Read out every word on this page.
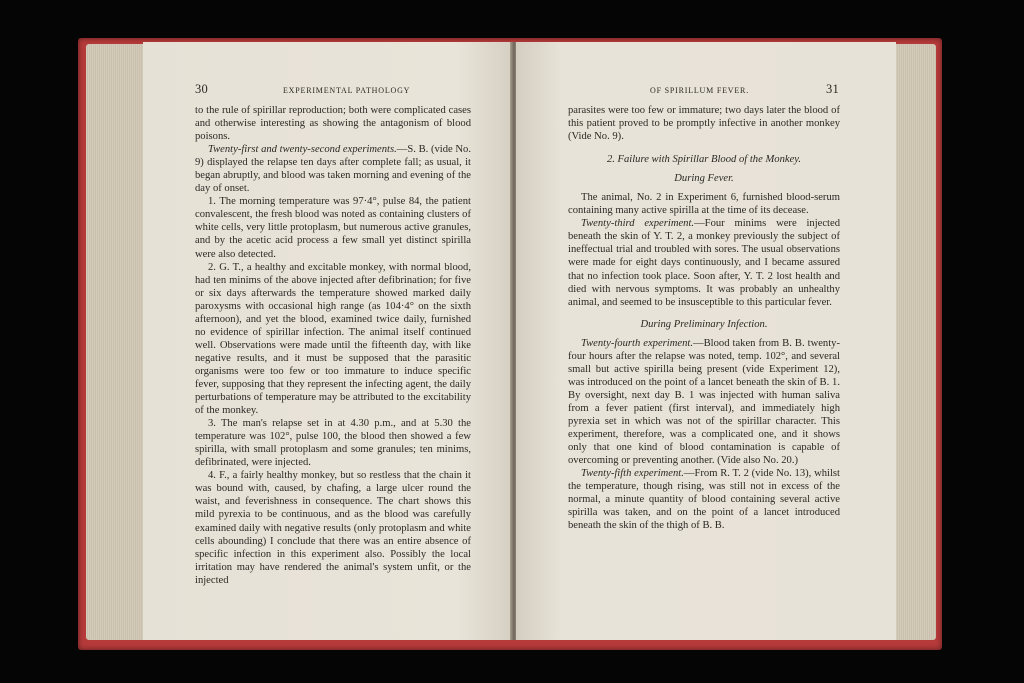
30	EXPERIMENTAL PATHOLOGY

to the rule of spirillar reproduction; both were complicated cases and otherwise interesting as showing the antagonism of blood poisons.

Twenty-first and twenty-second experiments.—S. B. (vide No. 9) displayed the relapse ten days after complete fall; as usual, it began abruptly, and blood was taken morning and evening of the day of onset.

1. The morning temperature was 97·4°, pulse 84, the patient convalescent, the fresh blood was noted as containing clusters of white cells, very little protoplasm, but numerous active granules, and by the acetic acid process a few small yet distinct spirilla were also detected.

2. G. T., a healthy and excitable monkey, with normal blood, had ten minims of the above injected after defibrination; for five or six days afterwards the temperature showed marked daily paroxysms with occasional high range (as 104·4° on the sixth afternoon), and yet the blood, examined twice daily, furnished no evidence of spirillar infection. The animal itself continued well. Observations were made until the fifteenth day, with like negative results, and it must be supposed that the parasitic organisms were too few or too immature to induce specific fever, supposing that they represent the infecting agent, the daily perturbations of temperature may be attributed to the excitability of the monkey.

3. The man's relapse set in at 4.30 p.m., and at 5.30 the temperature was 102°, pulse 100, the blood then showed a few spirilla, with small protoplasm and some granules; ten minims, defibrinated, were injected.

4. F., a fairly healthy monkey, but so restless that the chain it was bound with, caused, by chafing, a large ulcer round the waist, and feverishness in consequence. The chart shows this mild pyrexia to be continuous, and as the blood was carefully examined daily with negative results (only protoplasm and white cells abounding) I conclude that there was an entire absence of specific infection in this experiment also. Possibly the local irritation may have rendered the animal's system unfit, or the injected

OF SPIRILLUM FEVER.	31

parasites were too few or immature; two days later the blood of this patient proved to be promptly infective in another monkey (Vide No. 9).

2. Failure with Spirillar Blood of the Monkey.

During Fever.

The animal, No. 2 in Experiment 6, furnished blood-serum containing many active spirilla at the time of its decease.

Twenty-third experiment.—Four minims were injected beneath the skin of Y. T. 2, a monkey previously the subject of ineffectual trial and troubled with sores. The usual observations were made for eight days continuously, and I became assured that no infection took place. Soon after, Y. T. 2 lost health and died with nervous symptoms. It was probably an unhealthy animal, and seemed to be insusceptible to this particular fever.

During Preliminary Infection.

Twenty-fourth experiment.—Blood taken from B. B. twenty-four hours after the relapse was noted, temp. 102°, and several small but active spirilla being present (vide Experiment 12), was introduced on the point of a lancet beneath the skin of B. 1. By oversight, next day B. 1 was injected with human saliva from a fever patient (first interval), and immediately high pyrexia set in which was not of the spirillar character. This experiment, therefore, was a complicated one, and it shows only that one kind of blood contamination is capable of overcoming or preventing another. (Vide also No. 20.)

Twenty-fifth experiment.—From R. T. 2 (vide No. 13), whilst the temperature, though rising, was still not in excess of the normal, a minute quantity of blood containing several active spirilla was taken, and on the point of a lancet introduced beneath the skin of the thigh of B. B.
